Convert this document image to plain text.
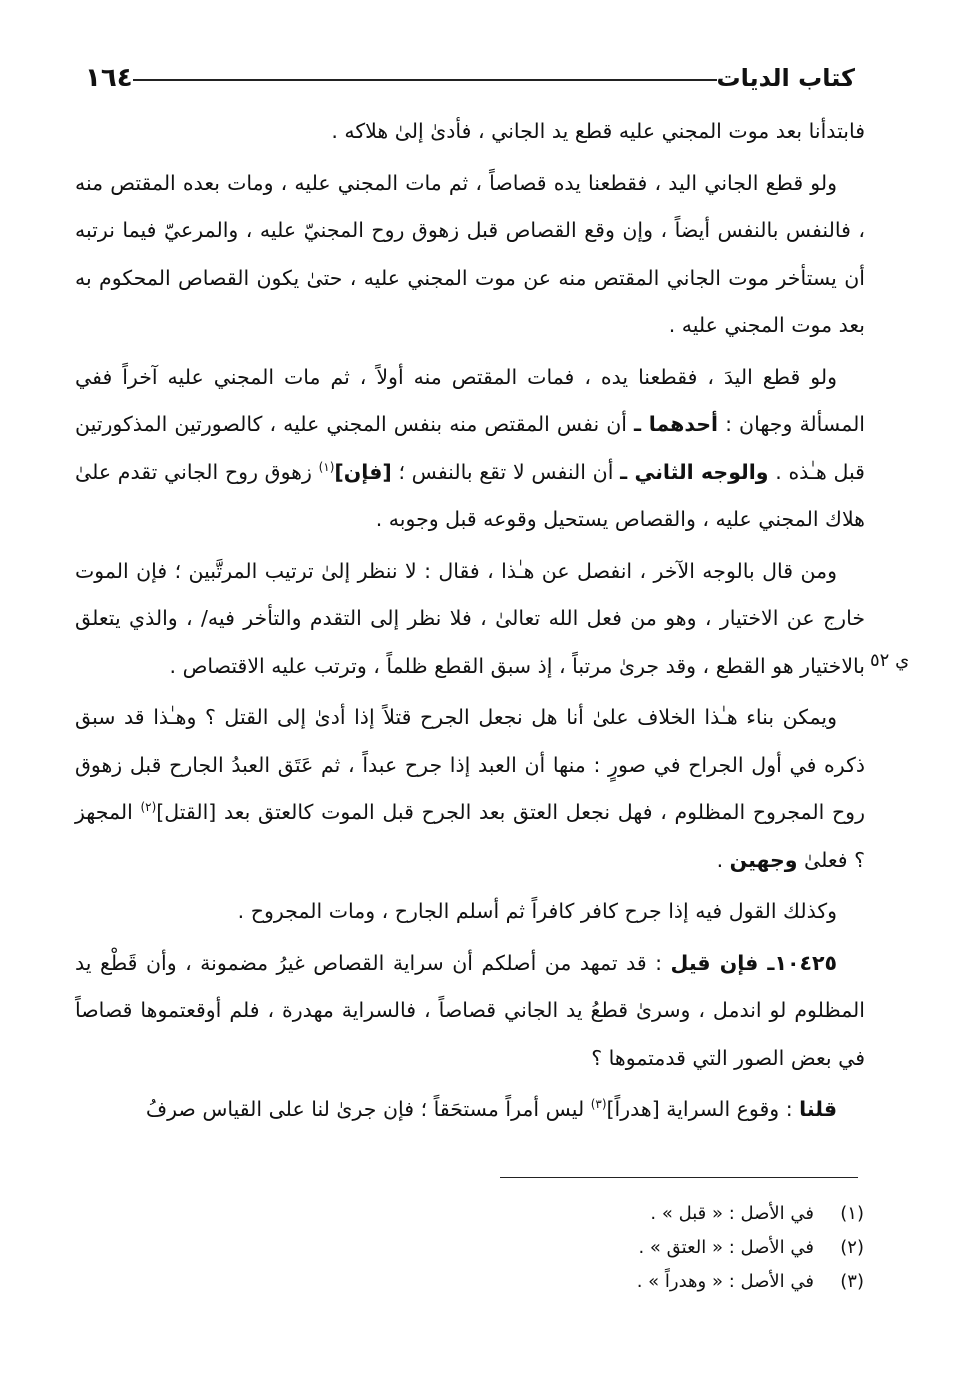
كتاب الديات
١٦٤

فابتدأنا بعد موت المجني عليه قطع يد الجاني ، فأدىٰ إلىٰ هلاكه .

ولو قطع الجاني اليد ، فقطعنا يده قصاصاً ، ثم مات المجني عليه ، ومات بعده المقتص منه ، فالنفس بالنفس أيضاً ، وإن وقع القصاص قبل زهوق روح المجنيّ عليه ، والمرعيّ فيما نرتبه أن يستأخر موت الجاني المقتص منه عن موت المجني عليه ، حتىٰ يكون القصاص المحكوم به بعد موت المجني عليه .

ولو قطع اليدَ ، فقطعنا يده ، فمات المقتص منه أولاً ، ثم مات المجني عليه آخراً ففي المسألة وجهان : أحدهما ـ أن نفس المقتص منه بنفس المجني عليه ، كالصورتين المذكورتين قبل هـٰذه . والوجه الثاني ـ أن النفس لا تقع بالنفس ؛ [فإن]$^{(١)}$ زهوق روح الجاني تقدم علىٰ هلاك المجني عليه ، والقصاص يستحيل وقوعه قبل وجوبه .

ومن قال بالوجه الآخر ، انفصل عن هـٰذا ، فقال : لا ننظر إلىٰ ترتيب المرتَّبين ؛ فإن الموت خارج عن الاختيار ، وهو من فعل الله تعالىٰ ، فلا نظر إلى التقدم والتأخر فيه/ ، والذي يتعلق بالاختيار هو القطع ، وقد جرىٰ مرتباً ، إذ سبق القطع ظلماً ، وترتب عليه الاقتصاص .

ويمكن بناء هـٰذا الخلاف علىٰ أنا هل نجعل الجرح قتلاً إذا أدىٰ إلى القتل ؟ وهـٰذا قد سبق ذكره في أول الجراح في صورٍ : منها أن العبد إذا جرح عبداً ، ثم عَتَق العبدُ الجارح قبل زهوق روح المجروح المظلوم ، فهل نجعل العتق بعد الجرح قبل الموت كالعتق بعد [القتل]$^{(٢)}$ المجهز ؟ فعلىٰ وجهين .

وكذلك القول فيه إذا جرح كافر كافراً ثم أسلم الجارح ، ومات المجروح .

١٠٤٢٥ـ فإن قيل : قد تمهد من أصلكم أن سراية القصاص غيرُ مضمونة ، وأن قَطْع يد المظلوم لو اندمل ، وسرىٰ قطعُ يد الجاني قصاصاً ، فالسراية مهدرة ، فلم أوقعتموها قصاصاً في بعض الصور التي قدمتموها ؟

قلنا : وقوع السراية [هدراً]$^{(٣)}$ ليس أمراً مستحَقاً ؛ فإن جرىٰ لنا على القياس صرفُ

ي ٥٢
(١)
في الأصل : « قبل » .
(٢)
في الأصل : « العتق » .
(٣)
في الأصل : « وهدراً » .
